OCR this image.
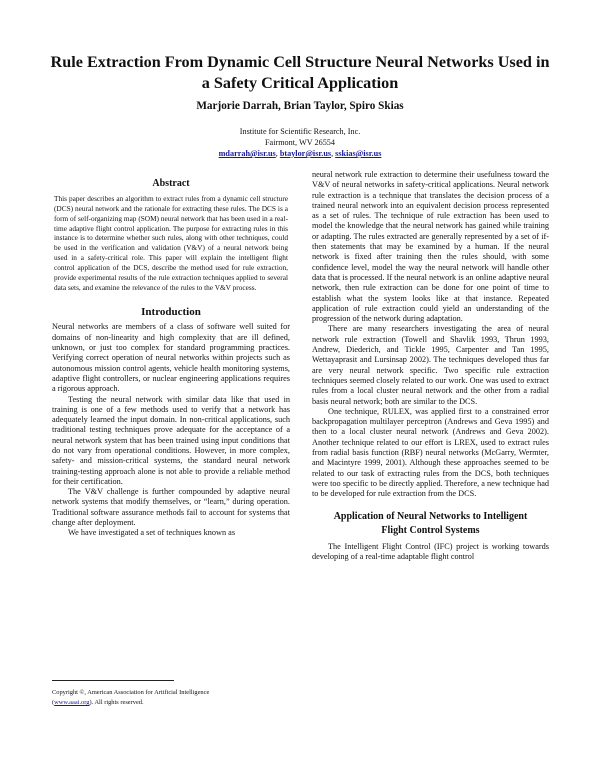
Rule Extraction From Dynamic Cell Structure Neural Networks Used in
a Safety Critical Application
Marjorie Darrah, Brian Taylor, Spiro Skias
Institute for Scientific Research, Inc.
Fairmont, WV 26554
mdarrah@isr.us, btaylor@isr.us, sskias@isr.us
Abstract

This paper describes an algorithm to extract rules from a dynamic cell structure (DCS) neural network and the rationale for extracting these rules. The DCS is a form of self-organizing map (SOM) neural network that has been used in a real-time adaptive flight control application. The purpose for extracting rules in this instance is to determine whether such rules, along with other techniques, could be used in the verification and validation (V&V) of a neural network being used in a safety-critical role. This paper will explain the intelligent flight control application of the DCS, describe the method used for rule extraction, provide experimental results of the rule extraction techniques applied to several data sets, and examine the relevance of the rules to the V&V process.

Introduction

Neural networks are members of a class of software well suited for domains of non-linearity and high complexity that are ill defined, unknown, or just too complex for standard programming practices. Verifying correct operation of neural networks within projects such as autonomous mission control agents, vehicle health monitoring systems, adaptive flight controllers, or nuclear engineering applications requires a rigorous approach.

Testing the neural network with similar data like that used in training is one of a few methods used to verify that a network has adequately learned the input domain. In non-critical applications, such traditional testing techniques prove adequate for the acceptance of a neural network system that has been trained using input conditions that do not vary from operational conditions. However, in more complex, safety- and mission-critical systems, the standard neural network training-testing approach alone is not able to provide a reliable method for their certification.

The V&V challenge is further compounded by adaptive neural network systems that modify themselves, or “learn,” during operation. Traditional software assurance methods fail to account for systems that change after deployment.

We have investigated a set of techniques known as

Copyright ©, American Association for Artificial Intelligence
(www.aaai.org). All rights reserved.

neural network rule extraction to determine their usefulness toward the V&V of neural networks in safety-critical applications. Neural network rule extraction is a technique that translates the decision process of a trained neural network into an equivalent decision process represented as a set of rules. The technique of rule extraction has been used to model the knowledge that the neural network has gained while training or adapting. The rules extracted are generally represented by a set of if-then statements that may be examined by a human. If the neural network is fixed after training then the rules should, with some confidence level, model the way the neural network will handle other data that is processed. If the neural network is an online adaptive neural network, then rule extraction can be done for one point of time to establish what the system looks like at that instance. Repeated application of rule extraction could yield an understanding of the progression of the network during adaptation.

There are many researchers investigating the area of neural network rule extraction (Towell and Shavlik 1993, Thrun 1993, Andrew, Diederich, and Tickle 1995, Carpenter and Tan 1995, Wettayaprasit and Lursinsap 2002). The techniques developed thus far are very neural network specific. Two specific rule extraction techniques seemed closely related to our work. One was used to extract rules from a local cluster neural network and the other from a radial basis neural network; both are similar to the DCS.

One technique, RULEX, was applied first to a constrained error backpropagation multilayer perceptron (Andrews and Geva 1995) and then to a local cluster neural network (Andrews and Geva 2002). Another technique related to our effort is LREX, used to extract rules from radial basis function (RBF) neural networks (McGarry, Wermter, and Macintyre 1999, 2001). Although these approaches seemed to be related to our task of extracting rules from the DCS, both techniques were too specific to be directly applied. Therefore, a new technique had to be developed for rule extraction from the DCS.

Application of Neural Networks to Intelligent
Flight Control Systems

The Intelligent Flight Control (IFC) project is working towards developing of a real-time adaptable flight control
